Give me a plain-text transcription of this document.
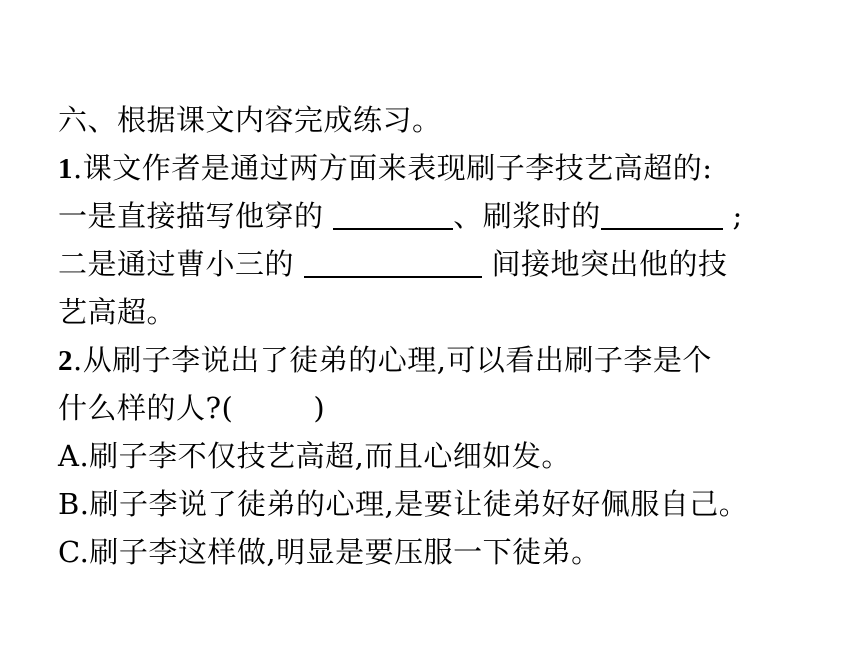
六、根据课文内容完成练习。
1.课文作者是通过两方面来表现刷子李技艺高超的:
一是直接描写他穿的	、刷浆时的	;
二是通过曹小三的	间接地突出他的技
艺高超。
2.从刷子李说出了徒弟的心理,可以看出刷子李是个
什么样的人?(	)
A.刷子李不仅技艺高超,而且心细如发。
B.刷子李说了徒弟的心理,是要让徒弟好好佩服自己。
C.刷子李这样做,明显是要压服一下徒弟。
